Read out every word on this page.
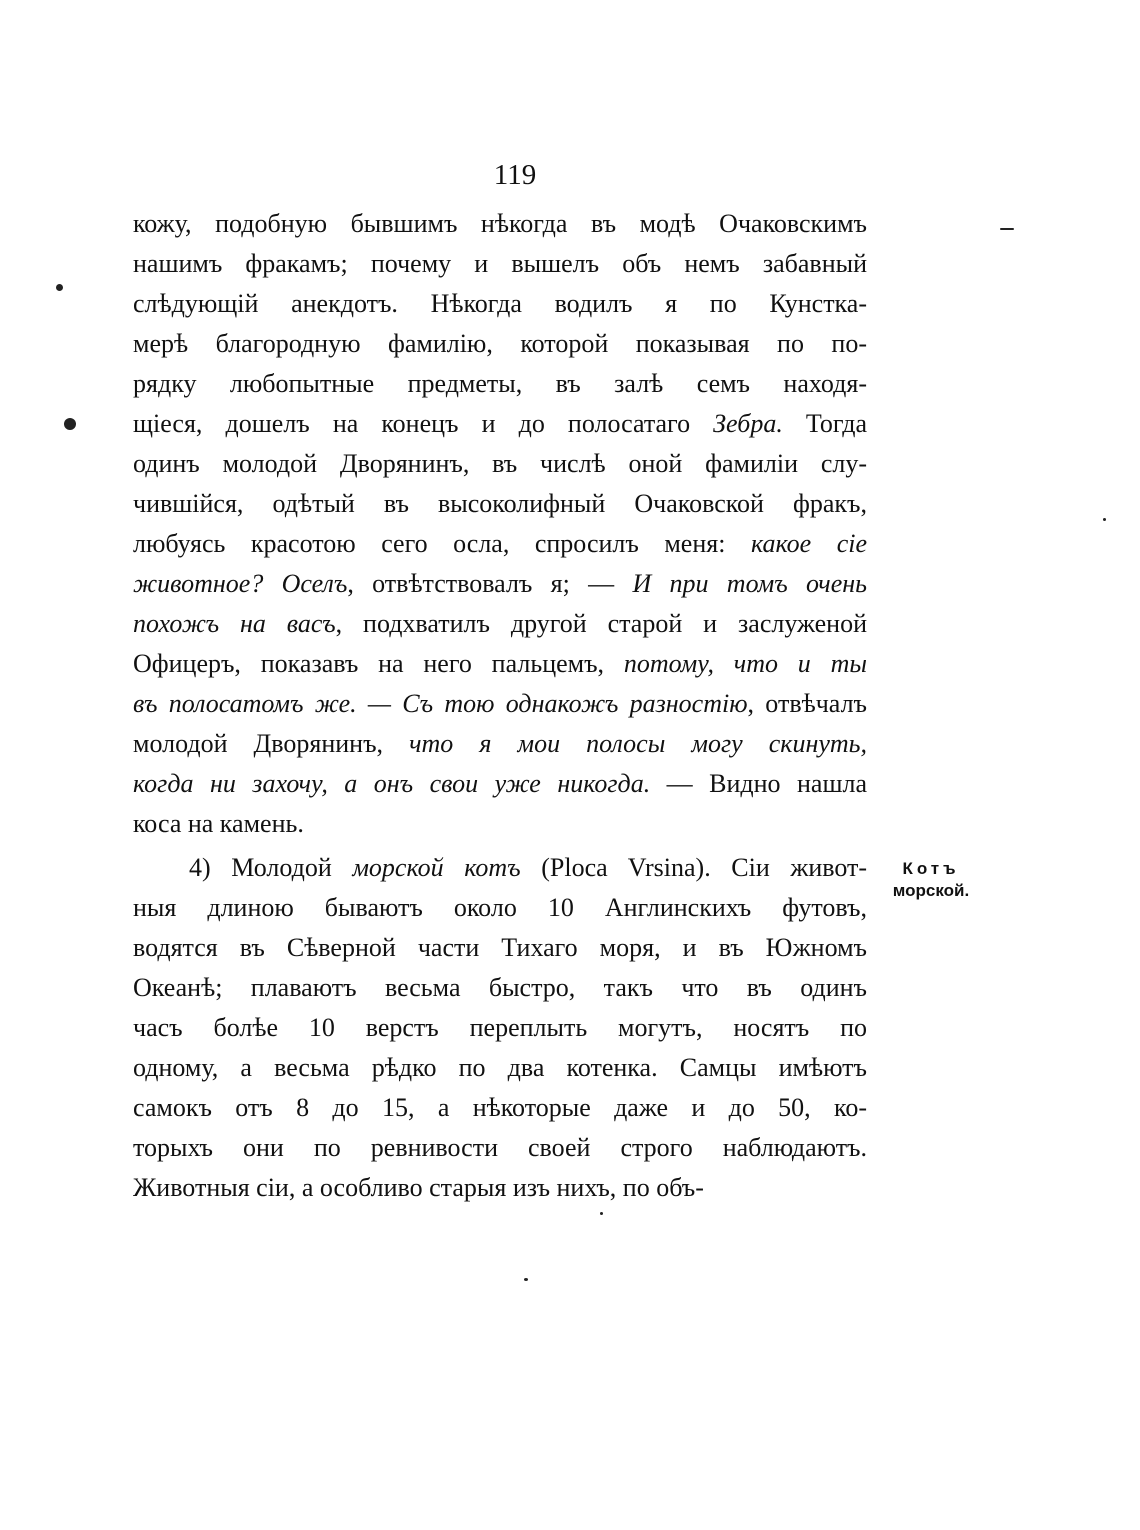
119
кожу, подобную бывшимъ нѣкогда въ модѣ Очаковскимъ
нашимъ фракамъ; почему и вышелъ объ немъ забавный
слѣдующій анекдотъ. Нѣкогда водилъ я по Кунстка-
мерѣ благородную фамилію, которой показывая по по-
рядку любопытные предметы, въ залѣ семъ находя-
щіеся, дошелъ на конецъ и до полосатаго Зебра. Тогда
одинъ молодой Дворянинъ, въ числѣ оной фамиліи слу-
чившійся, одѣтый въ высоколифный Очаковской фракъ,
любуясь красотою сего осла, спросилъ меня: какое сіе
животное? Оселъ, отвѣтствовалъ я; — И при томъ очень
похожъ на васъ, подхватилъ другой старой и заслуженой
Офицеръ, показавъ на него пальцемъ, потому, что и ты
въ полосатомъ же. — Съ тою однакожъ разностію, отвѣчалъ
молодой Дворянинъ, что я мои полосы могу скинуть,
когда ни захочу, а онъ свои уже никогда. — Видно нашла
коса на камень.
4) Молодой морской котъ (Ploca Vrsina). Сіи живот-
ныя длиною бываютъ около 10 Англинскихъ футовъ,
водятся въ Сѣверной части Тихаго моря, и въ Южномъ
Океанѣ; плаваютъ весьма быстро, такъ что въ одинъ
часъ болѣе 10 верстъ переплыть могутъ, носятъ по
одному, а весьма рѣдко по два котенка. Самцы имѣютъ
самокъ отъ 8 до 15, а нѣкоторые даже и до 50, ко-
торыхъ они по ревнивости своей строго наблюдаютъ.
Животныя сіи, а особливо старыя изъ нихъ, по объ-
Котъ
морской.
